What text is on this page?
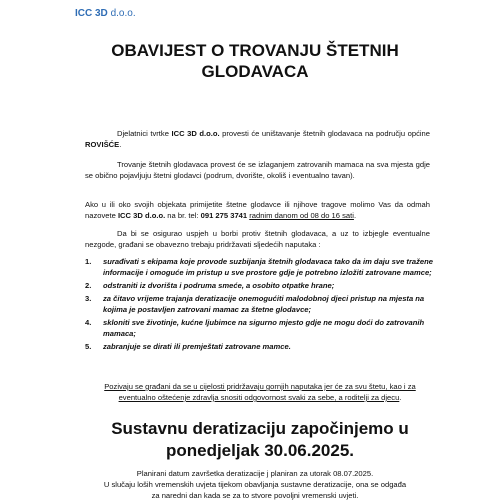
ICC 3D d.o.o.
OBAVIJEST O TROVANJU ŠTETNIH GLODAVACA
Djelatnici tvrtke ICC 3D d.o.o. provesti će uništavanje štetnih glodavaca na području općine ROVIŠĆE.
Trovanje štetnih glodavaca provest će se izlaganjem zatrovanih mamaca na sva mjesta gdje se obično pojavljuju štetni glodavci (podrum, dvorište, okoliš i eventualno tavan).
Ako u ili oko svojih objekata primijetite štetne glodavce ili njihove tragove molimo Vas da odmah nazovete ICC 3D d.o.o. na br. tel: 091 275 3741 radnim danom od 08 do 16 sati.
Da bi se osigurao uspjeh u borbi protiv štetnih glodavaca, a uz to izbjegle eventualne nezgode, građani se obavezno trebaju pridržavati sljedećih naputaka :
1.	surađivati s ekipama koje provode suzbijanja štetnih glodavaca tako da im daju sve tražene informacije i omoguće im pristup u sve prostore gdje je potrebno izložiti zatrovane mamce;
2.	odstraniti iz dvorišta i podruma smeće, a osobito otpatke hrane;
3.	za čitavo vrijeme trajanja deratizacije onemogućiti malodobnoj djeci pristup na mjesta na kojima je postavljen zatrovani mamac za štetne glodavce;
4.	skloniti sve životinje, kućne ljubimce na sigurno mjesto gdje ne mogu doći do zatrovanih mamaca;
5.	zabranjuje se dirati ili premještati zatrovane mamce.
Pozivaju se građani da se u cijelosti pridržavaju gornjih naputaka jer će za svu štetu, kao i za eventualno oštećenje zdravlja snositi odgovornost svaki za sebe, a roditelji za djecu.
Sustavnu deratizaciju započinjemo u ponedjeljak 30.06.2025.
Planirani datum završetka deratizacije j planiran za utorak 08.07.2025.
U slučaju loših vremenskih uvjeta tijekom obavljanja sustavne deratizacije, ona se odgađa
za naredni dan kada se za to stvore povoljni vremenski uvjeti.
